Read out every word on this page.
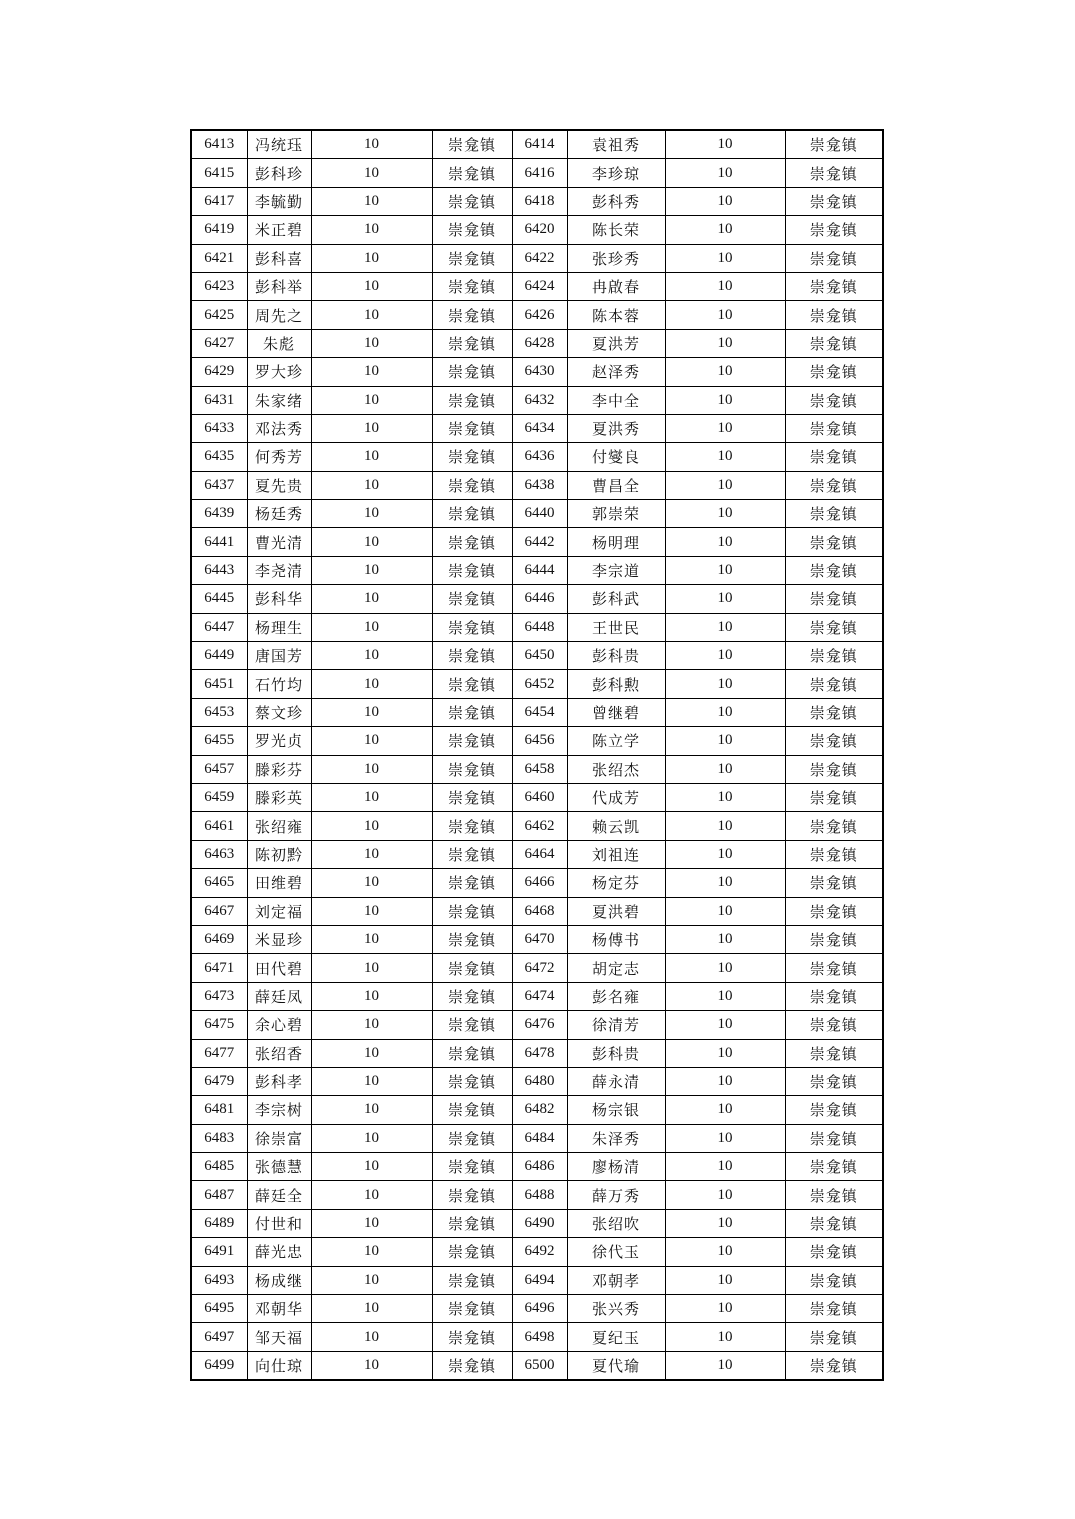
6413	冯统珏	10	崇龛镇	6414	袁祖秀	10	崇龛镇
6415	彭科珍	10	崇龛镇	6416	李珍琼	10	崇龛镇
6417	李毓勤	10	崇龛镇	6418	彭科秀	10	崇龛镇
6419	米正碧	10	崇龛镇	6420	陈长荣	10	崇龛镇
6421	彭科喜	10	崇龛镇	6422	张珍秀	10	崇龛镇
6423	彭科举	10	崇龛镇	6424	冉啟春	10	崇龛镇
6425	周先之	10	崇龛镇	6426	陈本蓉	10	崇龛镇
6427	朱彪	10	崇龛镇	6428	夏洪芳	10	崇龛镇
6429	罗大珍	10	崇龛镇	6430	赵泽秀	10	崇龛镇
6431	朱家绪	10	崇龛镇	6432	李中全	10	崇龛镇
6433	邓法秀	10	崇龛镇	6434	夏洪秀	10	崇龛镇
6435	何秀芳	10	崇龛镇	6436	付燮良	10	崇龛镇
6437	夏先贵	10	崇龛镇	6438	曹昌全	10	崇龛镇
6439	杨廷秀	10	崇龛镇	6440	郭崇荣	10	崇龛镇
6441	曹光清	10	崇龛镇	6442	杨明理	10	崇龛镇
6443	李尧清	10	崇龛镇	6444	李宗道	10	崇龛镇
6445	彭科华	10	崇龛镇	6446	彭科武	10	崇龛镇
6447	杨理生	10	崇龛镇	6448	王世民	10	崇龛镇
6449	唐国芳	10	崇龛镇	6450	彭科贵	10	崇龛镇
6451	石竹均	10	崇龛镇	6452	彭科勲	10	崇龛镇
6453	蔡文珍	10	崇龛镇	6454	曾继碧	10	崇龛镇
6455	罗光贞	10	崇龛镇	6456	陈立学	10	崇龛镇
6457	滕彩芬	10	崇龛镇	6458	张绍杰	10	崇龛镇
6459	滕彩英	10	崇龛镇	6460	代成芳	10	崇龛镇
6461	张绍雍	10	崇龛镇	6462	赖云凯	10	崇龛镇
6463	陈初黔	10	崇龛镇	6464	刘祖连	10	崇龛镇
6465	田维碧	10	崇龛镇	6466	杨定芬	10	崇龛镇
6467	刘定福	10	崇龛镇	6468	夏洪碧	10	崇龛镇
6469	米显珍	10	崇龛镇	6470	杨傅书	10	崇龛镇
6471	田代碧	10	崇龛镇	6472	胡定志	10	崇龛镇
6473	薛廷凤	10	崇龛镇	6474	彭名雍	10	崇龛镇
6475	余心碧	10	崇龛镇	6476	徐清芳	10	崇龛镇
6477	张绍香	10	崇龛镇	6478	彭科贵	10	崇龛镇
6479	彭科孝	10	崇龛镇	6480	薛永清	10	崇龛镇
6481	李宗树	10	崇龛镇	6482	杨宗银	10	崇龛镇
6483	徐崇富	10	崇龛镇	6484	朱泽秀	10	崇龛镇
6485	张德慧	10	崇龛镇	6486	廖杨清	10	崇龛镇
6487	薛廷全	10	崇龛镇	6488	薛万秀	10	崇龛镇
6489	付世和	10	崇龛镇	6490	张绍吹	10	崇龛镇
6491	薛光忠	10	崇龛镇	6492	徐代玉	10	崇龛镇
6493	杨成继	10	崇龛镇	6494	邓朝孝	10	崇龛镇
6495	邓朝华	10	崇龛镇	6496	张兴秀	10	崇龛镇
6497	邹天福	10	崇龛镇	6498	夏纪玉	10	崇龛镇
6499	向仕琼	10	崇龛镇	6500	夏代瑜	10	崇龛镇
